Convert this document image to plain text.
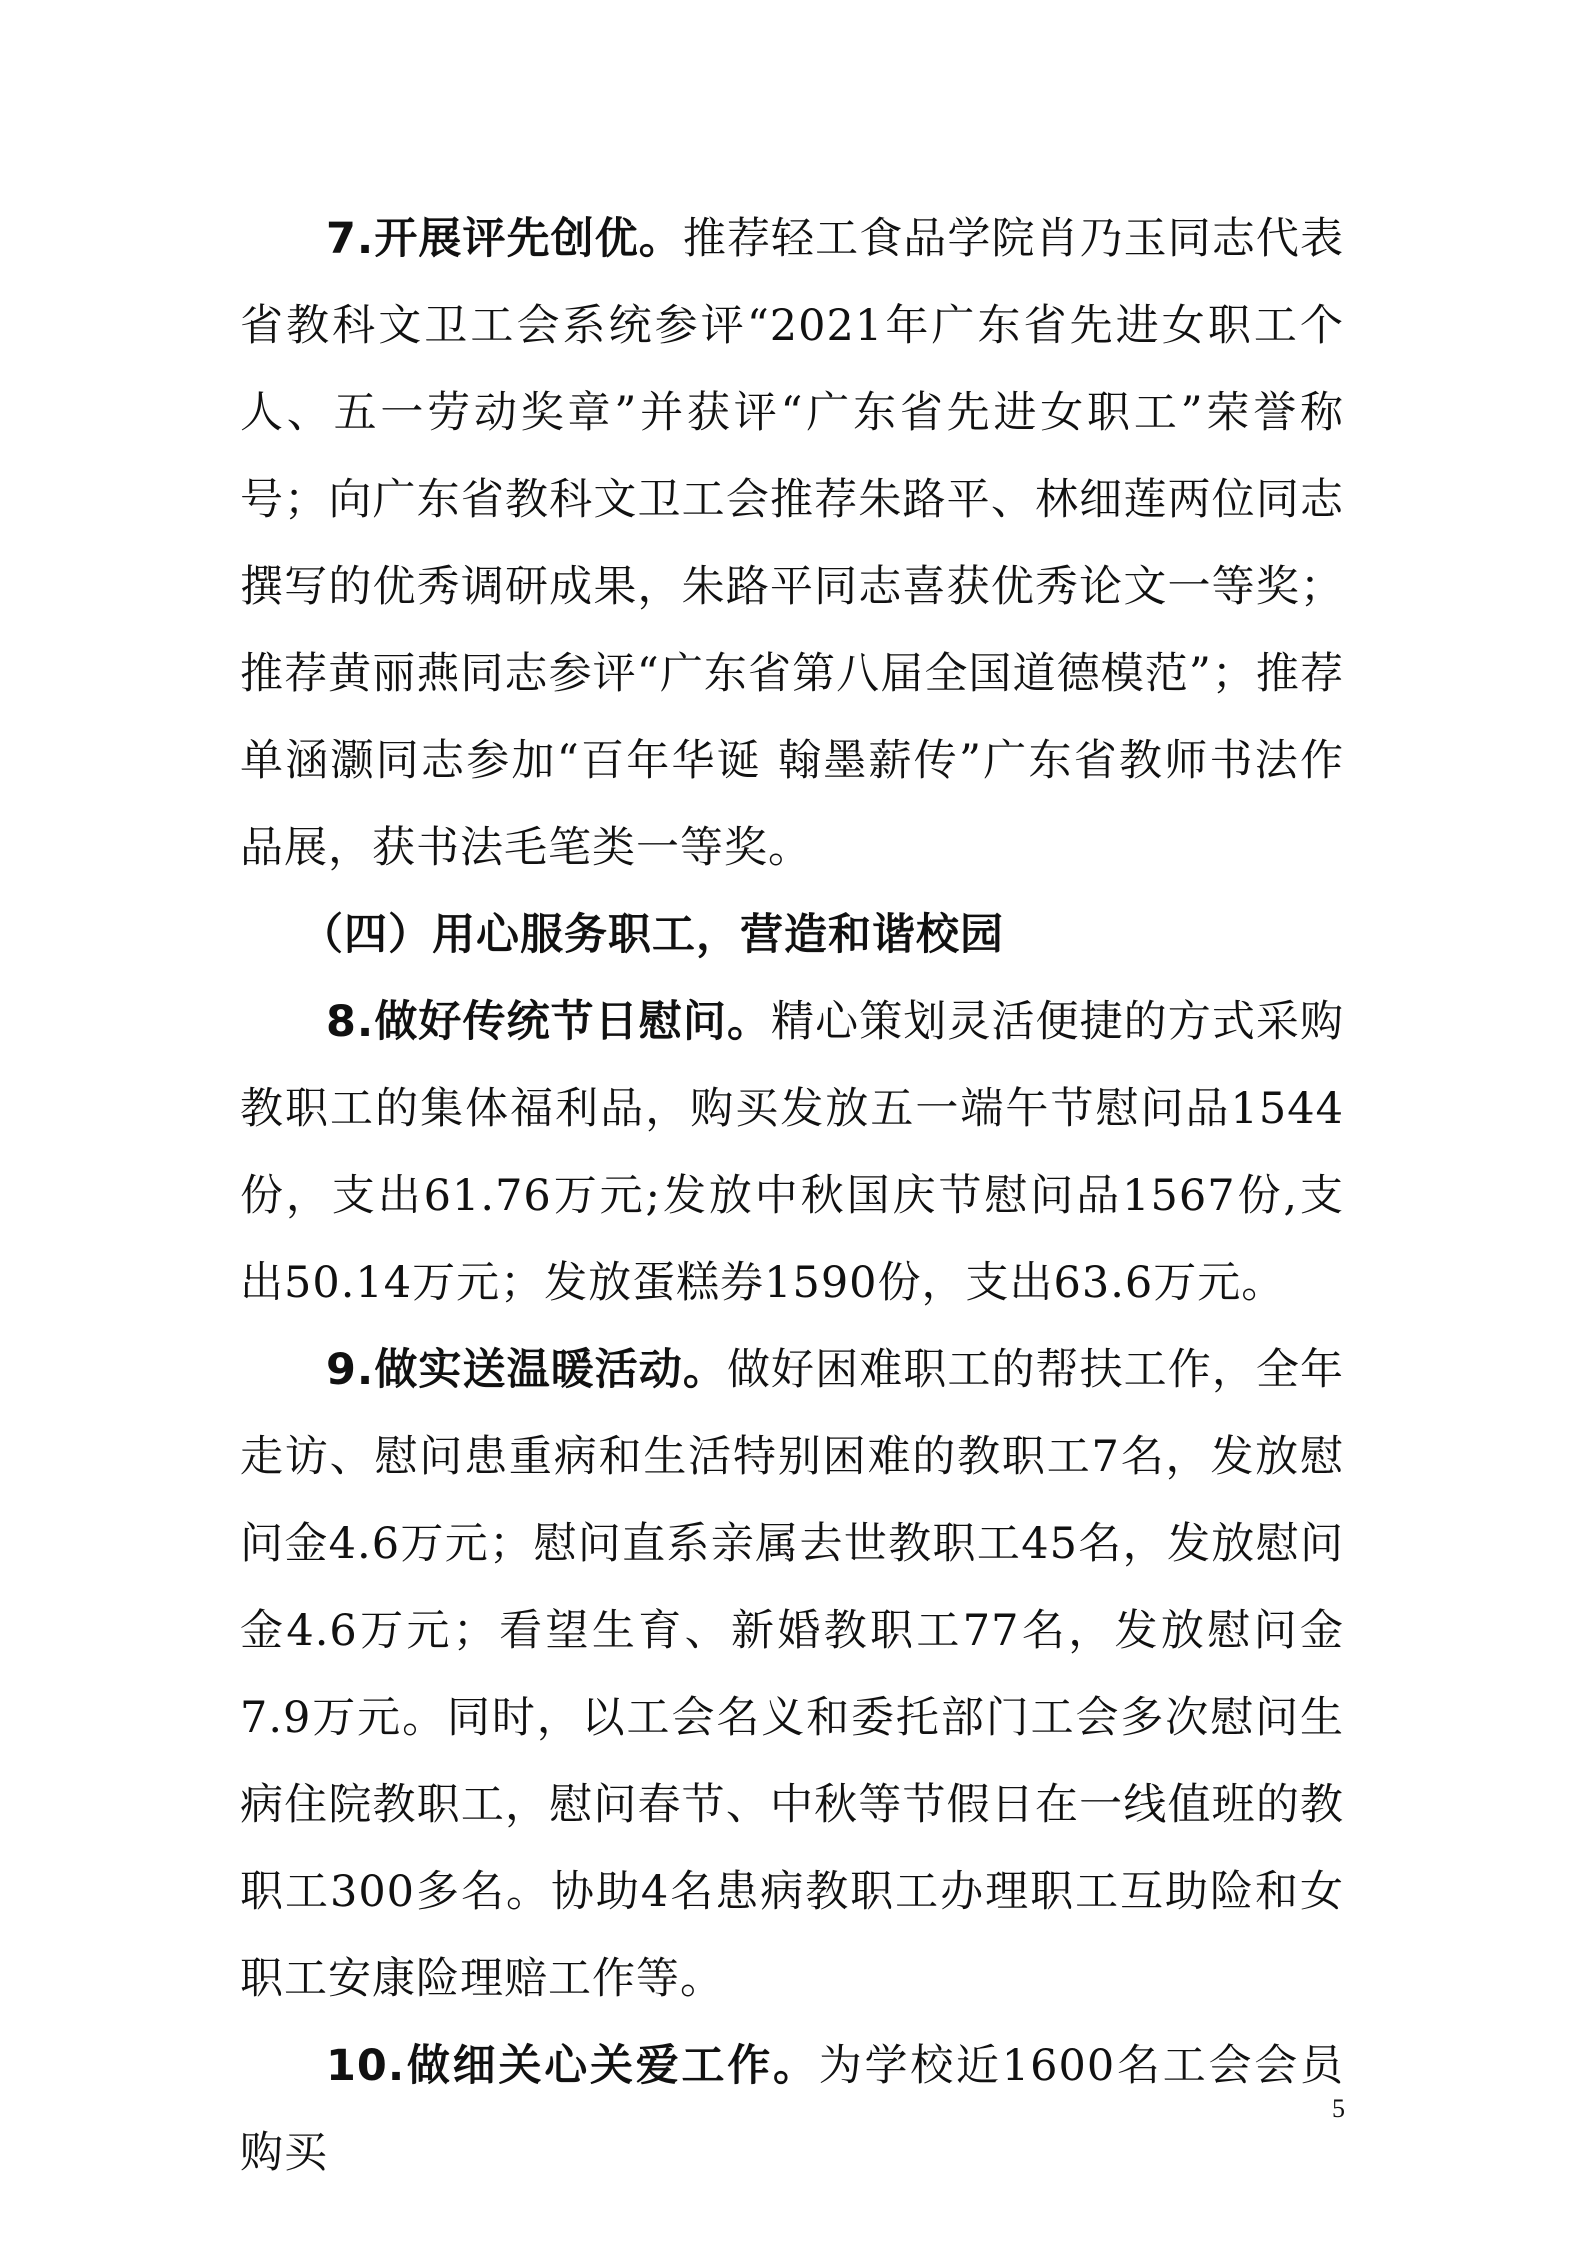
7.开展评先创优。推荐轻工食品学院肖乃玉同志代表省教科文卫工会系统参评“2021年广东省先进女职工个人、五一劳动奖章”并获评“广东省先进女职工”荣誉称号；向广东省教科文卫工会推荐朱路平、林细莲两位同志撰写的优秀调研成果，朱路平同志喜获优秀论文一等奖；推荐黄丽燕同志参评“广东省第八届全国道德模范”；推荐单涵灏同志参加“百年华诞 翰墨薪传”广东省教师书法作品展，获书法毛笔类一等奖。

（四）用心服务职工，营造和谐校园

8.做好传统节日慰问。精心策划灵活便捷的方式采购教职工的集体福利品，购买发放五一端午节慰问品1544份，支出61.76万元;发放中秋国庆节慰问品1567份,支出50.14万元；发放蛋糕券1590份，支出63.6万元。

9.做实送温暖活动。做好困难职工的帮扶工作，全年走访、慰问患重病和生活特别困难的教职工7名，发放慰问金4.6万元；慰问直系亲属去世教职工45名，发放慰问金4.6万元；看望生育、新婚教职工77名，发放慰问金7.9万元。同时，以工会名义和委托部门工会多次慰问生病住院教职工，慰问春节、中秋等节假日在一线值班的教职工300多名。协助4名患病教职工办理职工互助险和女职工安康险理赔工作等。

10.做细关心关爱工作。为学校近1600名工会会员购买

5
